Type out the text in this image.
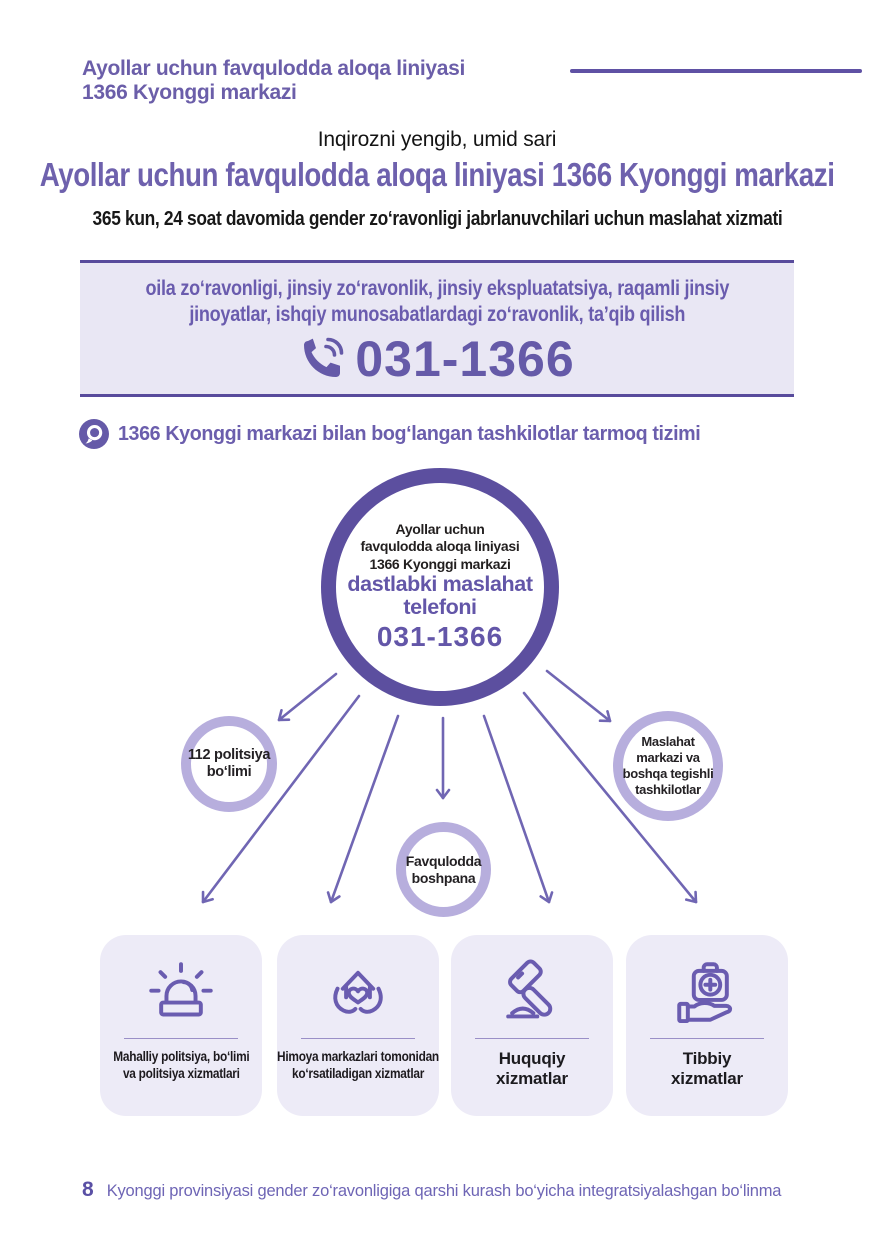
Ayollar uchun favqulodda aloqa liniyasi
1366 Kyonggi markazi
Inqirozni yengib, umid sari
Ayollar uchun favqulodda aloqa liniyasi 1366 Kyonggi markazi
365 kun, 24 soat davomida gender zo‘ravonligi jabrlanuvchilari uchun maslahat xizmati
oila zo‘ravonligi, jinsiy zo‘ravonlik, jinsiy ekspluatatsiya, raqamli jinsiy
jinoyatlar, ishqiy munosabatlardagi zo‘ravonlik, ta’qib qilish
031-1366
1366 Kyonggi markazi bilan bog‘langan tashkilotlar tarmoq tizimi
Ayollar uchun
favqulodda aloqa liniyasi
1366 Kyonggi markazi
dastlabki maslahat
telefoni
031-1366
112 politsiya
bo‘limi
Maslahat
markazi va
boshqa tegishli
tashkilotlar
Favqulodda
boshpana
Mahalliy politsiya, bo‘limi
va politsiya xizmatlari
Himoya markazlari tomonidan
ko‘rsatiladigan xizmatlar
Huquqiy
xizmatlar
Tibbiy
xizmatlar
8 Kyonggi provinsiyasi gender zo‘ravonligiga qarshi kurash bo‘yicha integratsiyalashgan bo‘linma
